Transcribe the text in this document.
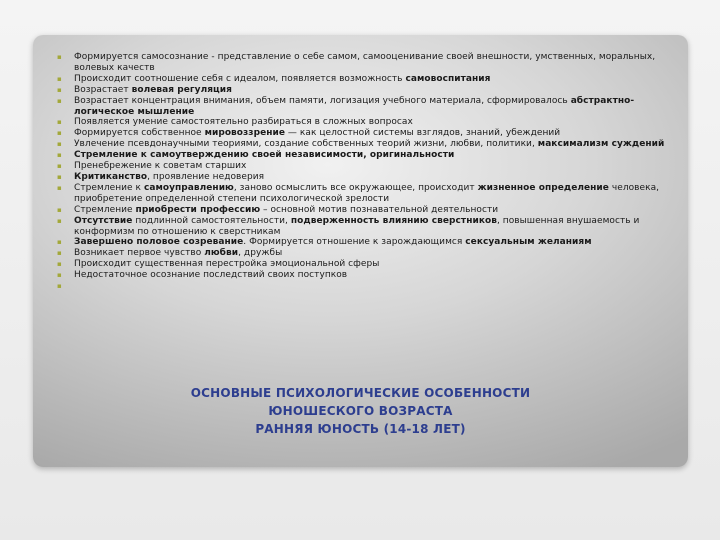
▪ Формируется самосознание - представление о себе самом, самооценивание своей внешности, умственных, моральных, волевых качеств
▪ Происходит соотношение себя с идеалом, появляется возможность самовоспитания
▪ Возрастает волевая регуляция
▪ Возрастает концентрация внимания, объем памяти, логизация учебного материала, сформировалось абстрактно-логическое мышление
▪ Появляется умение самостоятельно разбираться в сложных вопросах
▪ Формируется собственное мировоззрение — как целостной системы взглядов, знаний, убеждений
▪ Увлечение псевдонаучными теориями, создание собственных теорий жизни, любви, политики, максимализм суждений
▪ Стремление к самоутверждению своей независимости, оригинальности
▪ Пренебрежение к советам старших
▪ Критиканство, проявление недоверия
▪ Стремление к самоуправлению, заново осмыслить все окружающее, происходит жизненное определение человека, приобретение определенной степени психологической зрелости
▪ Стремление приобрести профессию – основной мотив познавательной деятельности
▪ Отсутствие подлинной самостоятельности, подверженность влиянию сверстников, повышенная внушаемость и конформизм по отношению к сверстникам
▪ Завершено половое созревание. Формируется отношение к зарождающимся сексуальным желаниям
▪ Возникает первое чувство любви, дружбы
▪ Происходит существенная перестройка эмоциональной сферы
▪ Недостаточное осознание последствий своих поступков
▪
ОСНОВНЫЕ ПСИХОЛОГИЧЕСКИЕ ОСОБЕННОСТИ
ЮНОШЕСКОГО ВОЗРАСТА
РАННЯЯ ЮНОСТЬ (14-18 ЛЕТ)
